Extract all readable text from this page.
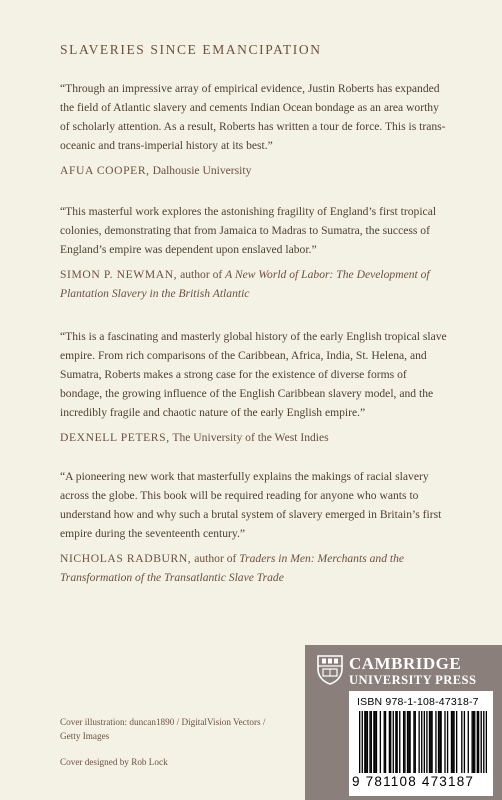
SLAVERIES SINCE EMANCIPATION

“Through an impressive array of empirical evidence, Justin Roberts has expanded the field of Atlantic slavery and cements Indian Ocean bondage as an area worthy of scholarly attention. As a result, Roberts has written a tour de force. This is trans-oceanic and trans-imperial history at its best.”

AFUA COOPER, Dalhousie University

“This masterful work explores the astonishing fragility of England’s first tropical colonies, demonstrating that from Jamaica to Madras to Sumatra, the success of England’s empire was dependent upon enslaved labor.”

SIMON P. NEWMAN, author of A New World of Labor: The Development of Plantation Slavery in the British Atlantic

“This is a fascinating and masterly global history of the early English tropical slave empire. From rich comparisons of the Caribbean, Africa, India, St. Helena, and Sumatra, Roberts makes a strong case for the existence of diverse forms of bondage, the growing influence of the English Caribbean slavery model, and the incredibly fragile and chaotic nature of the early English empire.”

DEXNELL PETERS, The University of the West Indies

“A pioneering new work that masterfully explains the makings of racial slavery across the globe. This book will be required reading for anyone who wants to understand how and why such a brutal system of slavery emerged in Britain’s first empire during the seventeenth century.”

NICHOLAS RADBURN, author of Traders in Men: Merchants and the Transformation of the Transatlantic Slave Trade
Cover illustration: duncan1890 / DigitalVision Vectors / Getty Images
Cover designed by Rob Lock
CAMBRIDGE
UNIVERSITY PRESS
ISBN 978-1-108-47318-7
9 781108 473187
